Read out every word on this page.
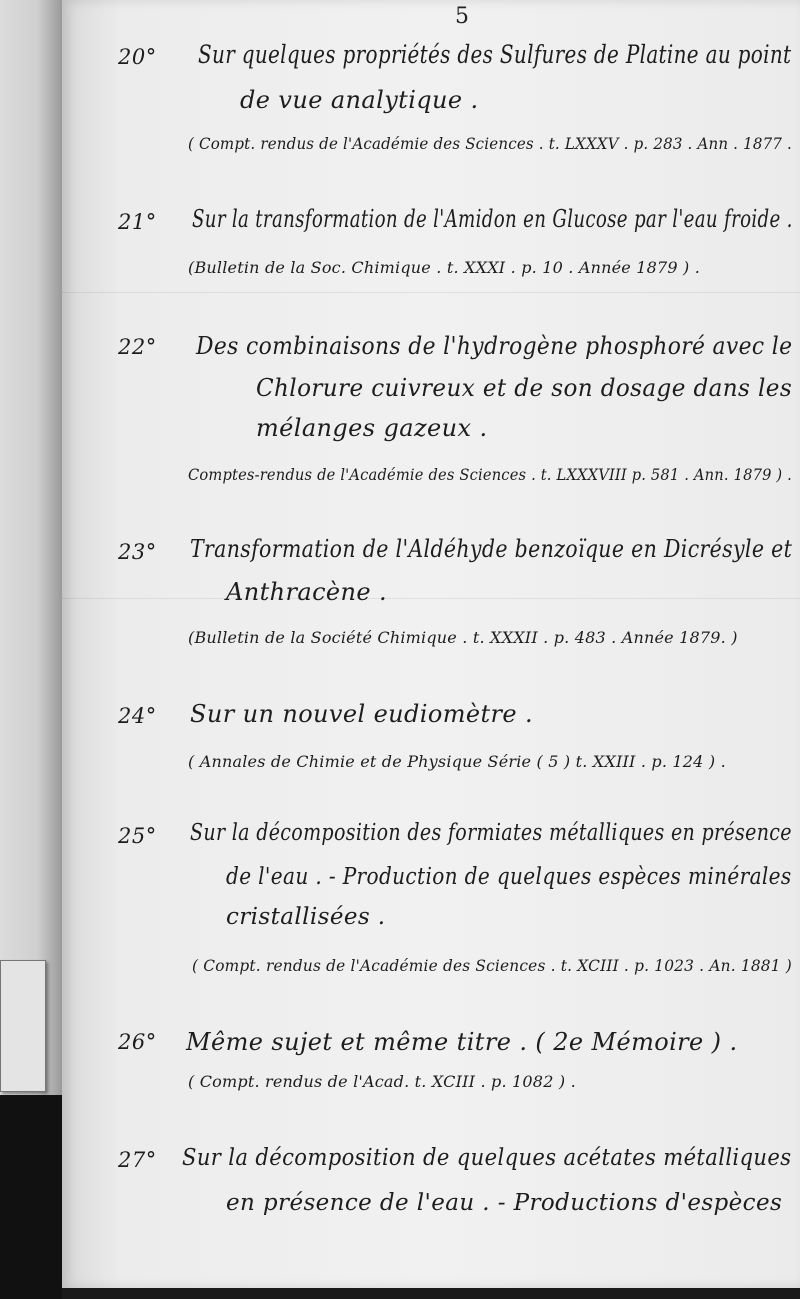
5
20° Sur quelques propriétés des Sulfures de Platine au point
de vue analytique .
( Compt. rendus de l'Académie des Sciences . t. LXXXV . p. 283 . Ann . 1877 .
21° Sur la transformation de l'Amidon en Glucose par l'eau froide .
(Bulletin de la Soc. Chimique . t. XXXI . p. 10 . Année 1879 ) .
22° Des combinaisons de l'hydrogène phosphoré avec le
Chlorure cuivreux et de son dosage dans les
mélanges gazeux .
Comptes-rendus de l'Académie des Sciences . t. LXXXVIII p. 581 . Ann. 1879 ) .
23° Transformation de l'Aldéhyde benzoïque en Dicrésyle et
Anthracène .
(Bulletin de la Société Chimique . t. XXXII . p. 483 . Année 1879. )
24° Sur un nouvel eudiomètre .
( Annales de Chimie et de Physique Série ( 5 ) t. XXIII . p. 124 ) .
25° Sur la décomposition des formiates métalliques en présence
de l'eau . - Production de quelques espèces minérales
cristallisées .
( Compt. rendus de l'Académie des Sciences . t. XCIII . p. 1023 . An. 1881 )
26° Même sujet et même titre . ( 2e Mémoire ) .
( Compt. rendus de l'Acad. t. XCIII . p. 1082 ) .
27° Sur la décomposition de quelques acétates métalliques
en présence de l'eau . - Productions d'espèces
